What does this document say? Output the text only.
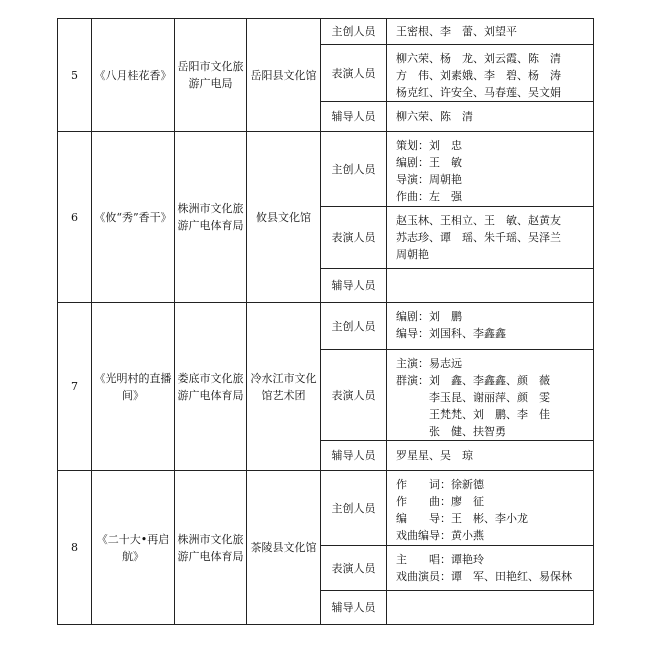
5	《八月桂花香》	岳阳市文化旅游广电局	岳阳县文化馆	主创人员	王密根、李　蕾、刘望平

				表演人员	柳六荣、杨　龙、刘云霞、陈　清
方　伟、刘素娥、李　碧、杨　涛
杨克红、许安全、马春莲、吴文娟

				辅导人员	柳六荣、陈　清

6	《攸“秀”香干》	株洲市文化旅游广电体育局	攸县文化馆	主创人员	策划：刘　忠
编剧：王　敏
导演：周朝艳
作曲：左　强

				表演人员	赵玉林、王相立、王　敏、赵黄友
苏志珍、谭　瑶、朱千瑶、吴泽兰
周朝艳

				辅导人员	
7	《光明村的直播间》	娄底市文化旅游广电体育局	冷水江市文化馆艺术团	主创人员	编剧：刘　鹏
编导：刘国科、李鑫鑫

				表演人员	主演：易志远
群演：刘　鑫、李鑫鑫、颜　薇
　　　李玉昆、谢丽萍、颜　雯
　　　王梵梵、刘　鹏、李　佳
　　　张　健、扶智勇

				辅导人员	罗星星、吴　琼

8	《二十大•再启航》	株洲市文化旅游广电体育局	茶陵县文化馆	主创人员	作　　词：徐新德
作　　曲：廖　征
编　　导：王　彬、李小龙
戏曲编导：黄小燕

				表演人员	主　　唱：谭艳玲
戏曲演员：谭　军、田艳红、易保林

				辅导人员	
